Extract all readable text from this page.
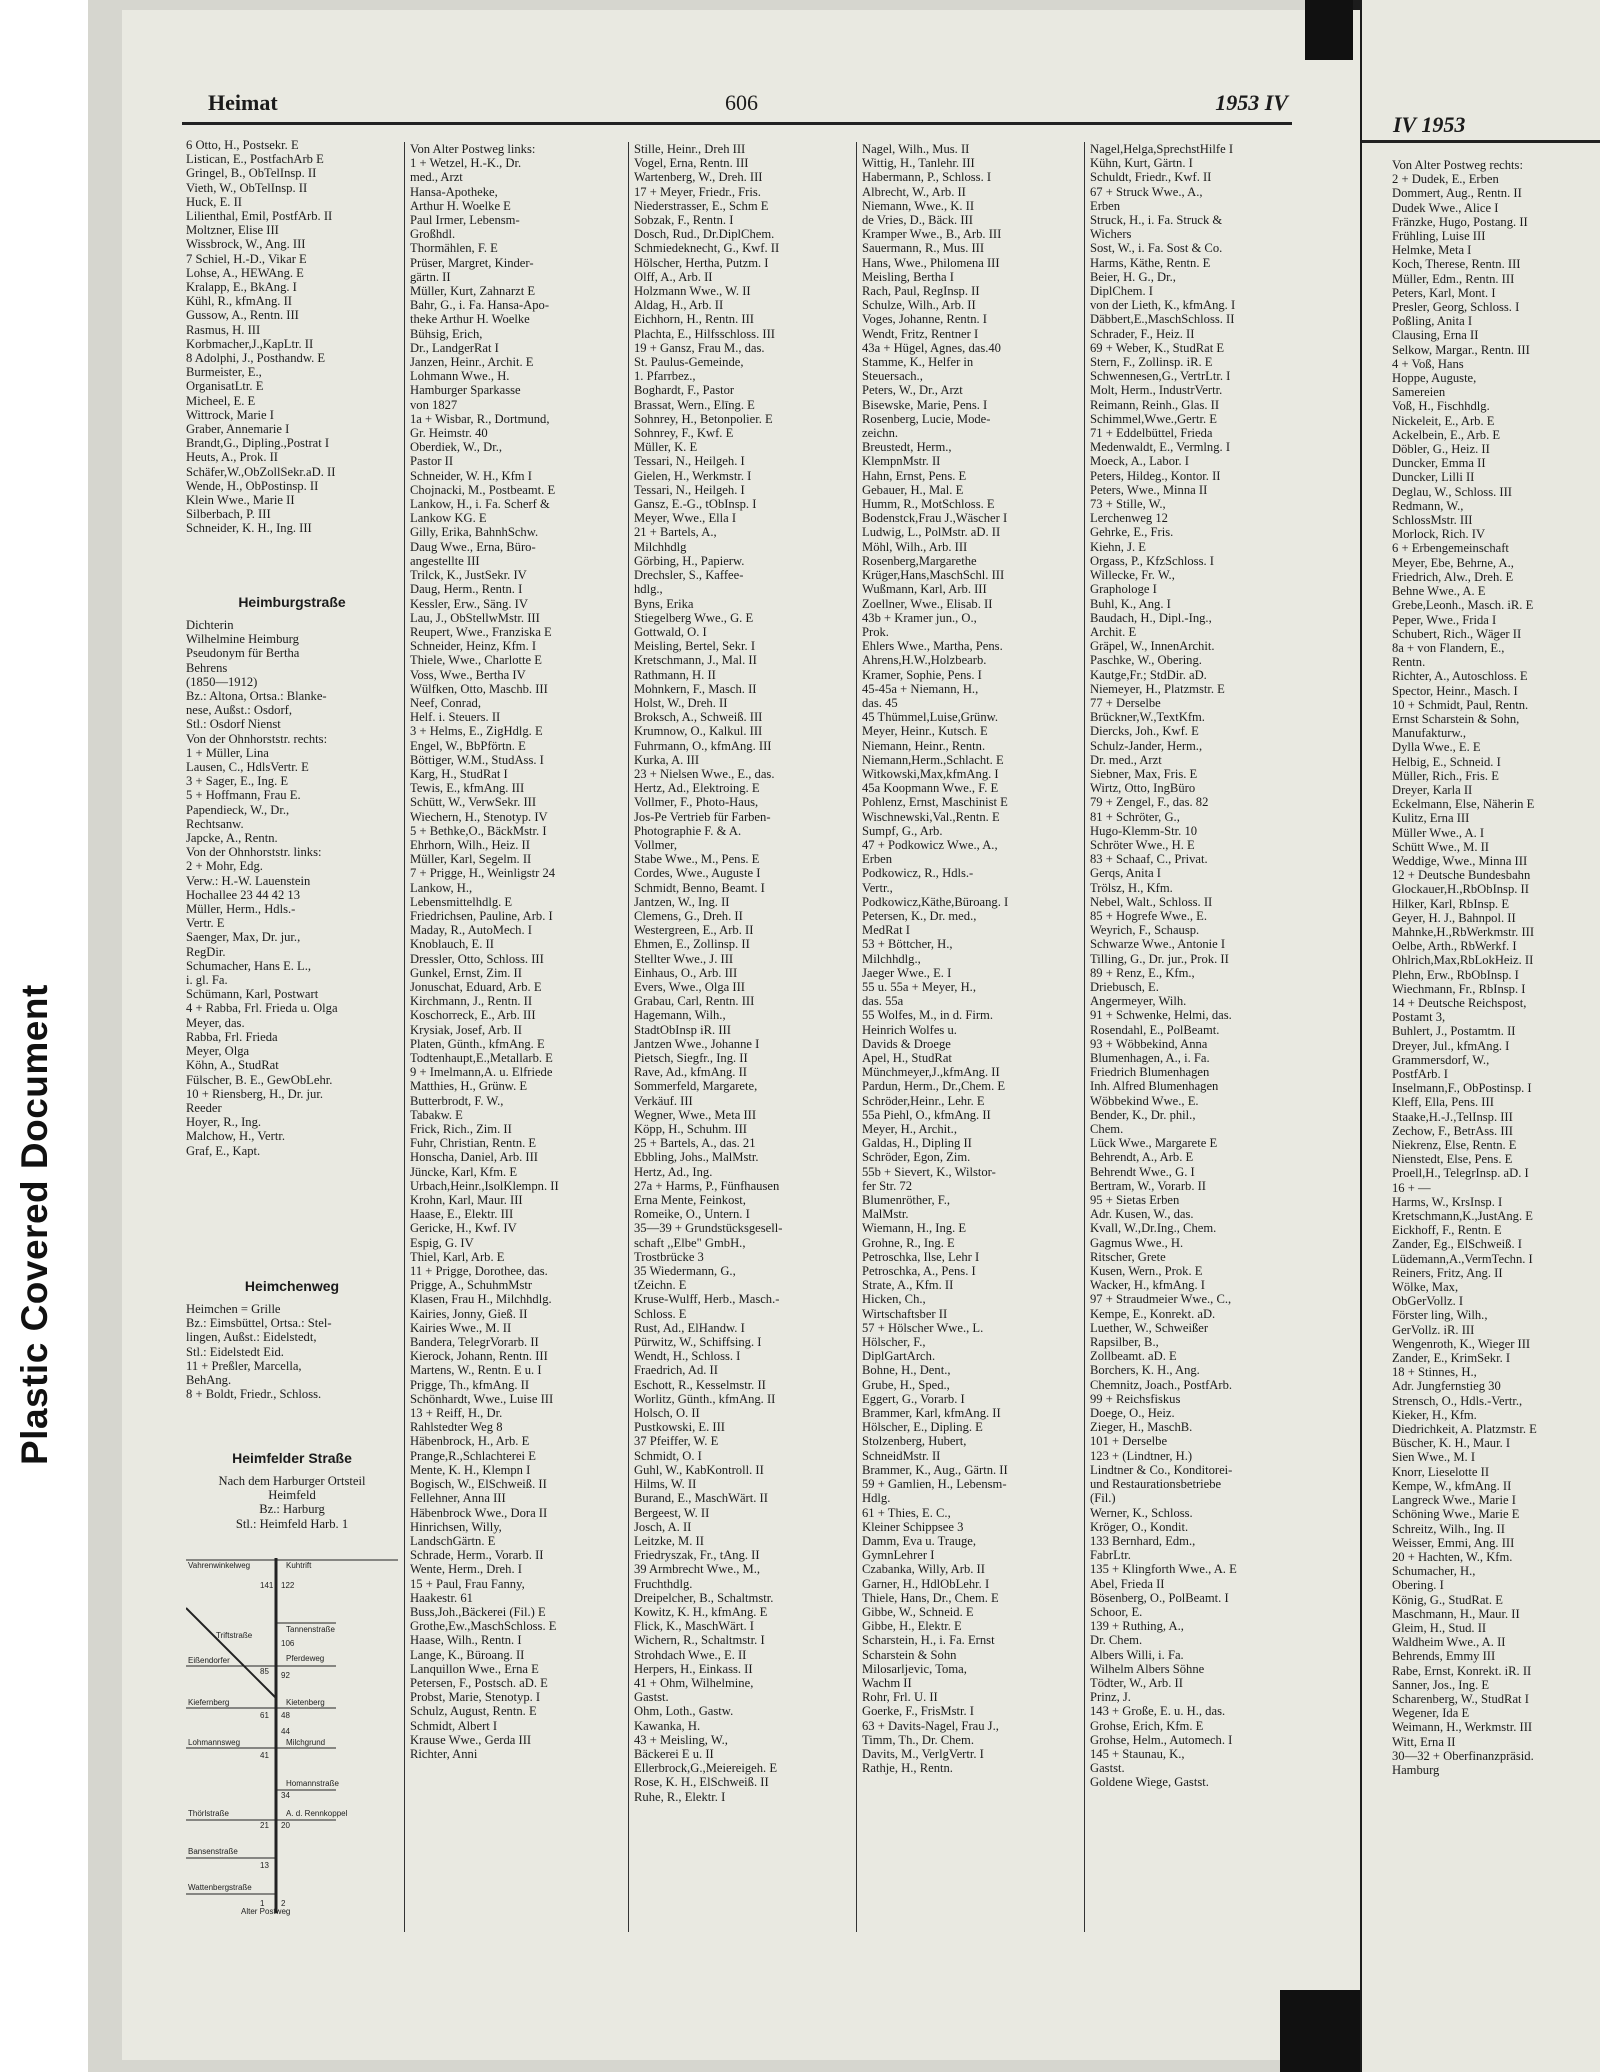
Plastic Covered Document
Heimat	606	1953 IV
IV 1953

6 Otto, H., Postsekr. E

Listican, E., PostfachArb E

Gringel, B., ObTelInsp. II

Vieth, W., ObTelInsp. II

Huck, E. II

Lilienthal, Emil, PostfArb. II

Moltzner, Elise III

Wissbrock, W., Ang. III

7 Schiel, H.-D., Vikar E

Lohse, A., HEWAng. E

Kralapp, E., BkAng. I

Kühl, R., kfmAng. II

Gussow, A., Rentn. III

Rasmus, H. III

Korbmacher,J.,KapLtr. II

8 Adolphi, J., Posthandw. E

Burmeister, E.,

OrganisatLtr. E

Micheel, E. E

Wittrock, Marie I

Graber, Annemarie I

Brandt,G., Dipling.,Postrat I

Heuts, A., Prok. II

Schäfer,W.,ObZollSekr.aD. II

Wende, H., ObPostinsp. II

Klein Wwe., Marie II

Silberbach, P. III

Schneider, K. H., Ing. III

Heimburgstraße

Dichterin

Wilhelmine Heimburg

Pseudonym für Bertha

Behrens

(1850—1912)

Bz.: Altona, Ortsa.: Blanke-

nese, Außst.: Osdorf,

Stl.: Osdorf Nienst

Von der Ohnhorststr. rechts:

1 + Müller, Lina

Lausen, C., HdlsVertr. E

3 + Sager, E., Ing. E

5 + Hoffmann, Frau E.

Papendieck, W., Dr.,

Rechtsanw.

Japcke, A., Rentn.

Von der Ohnhorststr. links:

2 + Mohr, Edg.

Verw.: H.-W. Lauenstein

Hochallee 23 44 42 13

Müller, Herm., Hdls.-

Vertr. E

Saenger, Max, Dr. jur.,

RegDir.

Schumacher, Hans E. L.,

i. gl. Fa.

Schümann, Karl, Postwart

4 + Rabba, Frl. Frieda u. Olga

Meyer, das.

Rabba, Frl. Frieda

Meyer, Olga

Köhn, A., StudRat

Fülscher, B. E., GewObLehr.

10 + Riensberg, H., Dr. jur.

Reeder

Hoyer, R., Ing.

Malchow, H., Vertr.

Graf, E., Kapt.

Heimchenweg

Heimchen = Grille

Bz.: Eimsbüttel, Ortsa.: Stel-

lingen, Außst.: Eidelstedt,

Stl.: Eidelstedt Eid.

11 + Preßler, Marcella,

BehAng.

8 + Boldt, Friedr., Schloss.

Heimfelder Straße

Nach dem Harburger Ortsteil

Heimfeld

Bz.: Harburg

Stl.: Heimfeld Harb. 1

Vahrenwinkelweg	Kuhtrift
Triftstraße
Tannenstraße
Eißendorfer	Pferdeweg
Kiefernberg	Kietenberg
Lohmannsweg	Milchgrund
Homannstraße
A. d. Rennkoppel
Thörlstraße
Bansenstraße
Wattenbergstraße
Alter Postweg
141 122
106
85 92
61 48
44
41
34
21 20
13
1 2

Von Alter Postweg links:

1 + Wetzel, H.-K., Dr.

med., Arzt

Hansa-Apotheke,

Arthur H. Woelke E

Paul Irmer, Lebensm-

Großhdl.

Thormählen, F. E

Prüser, Margret, Kinder-

gärtn. II

Müller, Kurt, Zahnarzt E

Bahr, G., i. Fa. Hansa-Apo-

theke Arthur H. Woelke

Bühsig, Erich,

Dr., LandgerRat I

Janzen, Heinr., Archit. E

Lohmann Wwe., H.

Hamburger Sparkasse

von 1827

1a + Wisbar, R., Dortmund,

Gr. Heimstr. 40

Oberdiek, W., Dr.,

Pastor II

Schneider, W. H., Kfm I

Chojnacki, M., Postbeamt. E

Lankow, H., i. Fa. Scherf &

Lankow KG. E

Gilly, Erika, BahnhSchw.

Daug Wwe., Erna, Büro-

angestellte III

Trilck, K., JustSekr. IV

Daug, Herm., Rentn. I

Kessler, Erw., Säng. IV

Lau, J., ObStellwMstr. III

Reupert, Wwe., Franziska E

Schneider, Heinz, Kfm. I

Thiele, Wwe., Charlotte E

Voss, Wwe., Bertha IV

Wülfken, Otto, Maschb. III

Neef, Conrad,

Helf. i. Steuers. II

3 + Helms, E., ZigHdlg. E

Engel, W., BbPförtn. E

Böttiger, W.M., StudAss. I

Karg, H., StudRat I

Tewis, E., kfmAng. III

Schütt, W., VerwSekr. III

Wiechern, H., Stenotyp. IV

5 + Bethke,O., BäckMstr. I

Ehrhorn, Wilh., Heiz. II

Müller, Karl, Segelm. II

7 + Prigge, H., Weinligstr 24

Lankow, H.,

Lebensmittelhdlg. E

Friedrichsen, Pauline, Arb. I

Maday, R., AutoMech. I

Knoblauch, E. II

Dressler, Otto, Schloss. III

Gunkel, Ernst, Zim. II

Jonuschat, Eduard, Arb. E

Kirchmann, J., Rentn. II

Koschorreck, E., Arb. III

Krysiak, Josef, Arb. II

Platen, Günth., kfmAng. E

Todtenhaupt,E.,Metallarb. E

9 + Imelmann,A. u. Elfriede

Matthies, H., Grünw. E

Butterbrodt, F. W.,

Tabakw. E

Frick, Rich., Zim. II

Fuhr, Christian, Rentn. E

Honscha, Daniel, Arb. III

Jüncke, Karl, Kfm. E

Urbach,Heinr.,IsolKlempn. II

Krohn, Karl, Maur. III

Haase, E., Elektr. III

Gericke, H., Kwf. IV

Espig, G. IV

Thiel, Karl, Arb. E

11 + Prigge, Dorothee, das.

Prigge, A., SchuhmMstr

Klasen, Frau H., Milchhdlg.

Kairies, Jonny, Gieß. II

Kairies Wwe., M. II

Bandera, TelegrVorarb. II

Kierock, Johann, Rentn. III

Martens, W., Rentn. E u. I

Prigge, Th., kfmAng. II

Schönhardt, Wwe., Luise III

13 + Reiff, H., Dr.

Rahlstedter Weg 8

Häbenbrock, H., Arb. E

Prange,R.,Schlachterei E

Mente, K. H., Klempn I

Bogisch, W., ElSchweiß. II

Fellehner, Anna III

Häbenbrock Wwe., Dora II

Hinrichsen, Willy,

LandschGärtn. E

Schrade, Herm., Vorarb. II

Wente, Herm., Dreh. I

15 + Paul, Frau Fanny,

Haakestr. 61

Buss,Joh.,Bäckerei (Fil.) E

Grothe,Ew.,MaschSchloss. E

Haase, Wilh., Rentn. I

Lange, K., Büroang. II

Lanquillon Wwe., Erna E

Petersen, F., Postsch. aD. E

Probst, Marie, Stenotyp. I

Schulz, August, Rentn. E

Schmidt, Albert I

Krause Wwe., Gerda III

Richter, Anni

Stille, Heinr., Dreh III

Vogel, Erna, Rentn. III

Wartenberg, W., Dreh. III

17 + Meyer, Friedr., Fris.

Niederstrasser, E., Schm E

Sobzak, F., Rentn. I

Dosch, Rud., Dr.DiplChem.

Schmiedeknecht, G., Kwf. II

Hölscher, Hertha, Putzm. I

Olff, A., Arb. II

Holzmann Wwe., W. II

Aldag, H., Arb. II

Eichhorn, H., Rentn. III

Plachta, E., Hilfsschloss. III

19 + Gansz, Frau M., das.

St. Paulus-Gemeinde,

1. Pfarrbez.,

Boghardt, F., Pastor

Brassat, Wern., Elīng. E

Sohnrey, H., Betonpolier. E

Sohnrey, F., Kwf. E

Müller, K. E

Tessari, N., Heilgeh. I

Gielen, H., Werkmstr. I

Tessari, N., Heilgeh. I

Gansz, E.-G., tObInsp. I

Meyer, Wwe., Ella I

21 + Bartels, A.,

Milchhdlg

Görbing, H., Papierw.

Drechsler, S., Kaffee-

hdlg.,

Byns, Erika

Stiegelberg Wwe., G. E

Gottwald, O. I

Meisling, Bertel, Sekr. I

Kretschmann, J., Mal. II

Rathmann, H. II

Mohnkern, F., Masch. II

Holst, W., Dreh. II

Broksch, A., Schweiß. III

Krumnow, O., Kalkul. III

Fuhrmann, O., kfmAng. III

Kurka, A. III

23 + Nielsen Wwe., E., das.

Hertz, Ad., Elektroing. E

Vollmer, F., Photo-Haus,

Jos-Pe Vertrieb für Farben-

Photographie F. & A.

Vollmer,

Stabe Wwe., M., Pens. E

Cordes, Wwe., Auguste I

Schmidt, Benno, Beamt. I

Jantzen, W., Ing. II

Clemens, G., Dreh. II

Westergreen, E., Arb. II

Ehmen, E., Zollinsp. II

Stellter Wwe., J. III

Einhaus, O., Arb. III

Evers, Wwe., Olga III

Grabau, Carl, Rentn. III

Hagemann, Wilh.,

StadtObInsp iR. III

Jantzen Wwe., Johanne I

Pietsch, Siegfr., Ing. II

Rave, Ad., kfmAng. II

Sommerfeld, Margarete,

Verkäuf. III

Wegner, Wwe., Meta III

Köpp, H., Schuhm. III

25 + Bartels, A., das. 21

Ebbling, Johs., MalMstr.

Hertz, Ad., Ing.

27a + Harms, P., Fünfhausen

Erna Mente, Feinkost,

Romeike, O., Untern. I

35—39 + Grundstücksgesell-

schaft ,,Elbe" GmbH.,

Trostbrücke 3

35 Wiedermann, G.,

tZeichn. E

Kruse-Wulff, Herb., Masch.-

Schloss. E

Rust, Ad., ElHandw. I

Pürwitz, W., Schiffsing. I

Wendt, H., Schloss. I

Fraedrich, Ad. II

Eschott, R., Kesselmstr. II

Worlitz, Günth., kfmAng. II

Holsch, O. II

Pustkowski, E. III

37 Pfeiffer, W. E

Schmidt, O. I

Guhl, W., KabKontroll. II

Hilms, W. II

Burand, E., MaschWärt. II

Bergeest, W. II

Josch, A. II

Leitzke, M. II

Friedryszak, Fr., tAng. II

39 Armbrecht Wwe., M.,

Fruchthdlg.

Dreipelcher, B., Schaltmstr.

Kowitz, K. H., kfmAng. E

Flick, K., MaschWärt. I

Wichern, R., Schaltmstr. I

Strohdach Wwe., E. II

Herpers, H., Einkass. II

41 + Ohm, Wilhelmine,

Gastst.

Ohm, Loth., Gastw.

Kawanka, H.

43 + Meisling, W.,

Bäckerei E u. II

Ellerbrock,G.,Meiereigeh. E

Rose, K. H., ElSchweiß. II

Ruhe, R., Elektr. I

Nagel, Wilh., Mus. II

Wittig, H., Tanlehr. III

Habermann, P., Schloss. I

Albrecht, W., Arb. II

Niemann, Wwe., K. II

de Vries, D., Bäck. III

Kramper Wwe., B., Arb. III

Sauermann, R., Mus. III

Hans, Wwe., Philomena III

Meisling, Bertha I

Rach, Paul, RegInsp. II

Schulze, Wilh., Arb. II

Voges, Johanne, Rentn. I

Wendt, Fritz, Rentner I

43a + Hügel, Agnes, das.40

Stamme, K., Helfer in

Steuersach.,

Peters, W., Dr., Arzt

Bisewske, Marie, Pens. I

Rosenberg, Lucie, Mode-

zeichn.

Breustedt, Herm.,

KlempnMstr. II

Hahn, Ernst, Pens. E

Gebauer, H., Mal. E

Humm, R., MotSchloss. E

Bodenstck,Frau J.,Wäscher I

Ludwig, L., PolMstr. aD. II

Möhl, Wilh., Arb. III

Rosenberg,Margarethe

Krüger,Hans,MaschSchl. III

Wußmann, Karl, Arb. III

Zoellner, Wwe., Elisab. II

43b + Kramer jun., O.,

Prok.

Ehlers Wwe., Martha, Pens.

Ahrens,H.W.,Holzbearb.

Kramer, Sophie, Pens. I

45-45a + Niemann, H.,

das. 45

45 Thümmel,Luise,Grünw.

Meyer, Heinr., Kutsch. E

Niemann, Heinr., Rentn.

Niemann,Herm.,Schlacht. E

Witkowski,Max,kfmAng. I

45a Koopmann Wwe., F. E

Pohlenz, Ernst, Maschinist E

Wischnewski,Val.,Rentn. E

Sumpf, G., Arb.

47 + Podkowicz Wwe., A.,

Erben

Podkowicz, R., Hdls.-

Vertr.,

Podkowicz,Käthe,Büroang. I

Petersen, K., Dr. med.,

MedRat I

53 + Böttcher, H.,

Milchhdlg.,

Jaeger Wwe., E. I

55 u. 55a + Meyer, H.,

das. 55a

55 Wolfes, M., in d. Firm.

Heinrich Wolfes u.

Davids & Droege

Apel, H., StudRat

Münchmeyer,J.,kfmAng. II

Pardun, Herm., Dr.,Chem. E

Schröder,Heinr., Lehr. E

55a Piehl, O., kfmAng. II

Meyer, H., Archit.,

Galdas, H., Dipling II

Schröder, Egon, Zim.

55b + Sievert, K., Wilstor-

fer Str. 72

Blumenröther, F.,

MalMstr.

Wiemann, H., Ing. E

Grohne, R., Ing. E

Petroschka, Ilse, Lehr I

Petroschka, A., Pens. I

Strate, A., Kfm. II

Hicken, Ch.,

Wirtschaftsber II

57 + Hölscher Wwe., L.

Hölscher, F.,

DiplGartArch.

Bohne, H., Dent.,

Grube, H., Sped.,

Eggert, G., Vorarb. I

Brammer, Karl, kfmAng. II

Hölscher, E., Dipling. E

Stolzenberg, Hubert,

SchneidMstr. II

Brammer, K., Aug., Gärtn. II

59 + Gamlien, H., Lebensm-

Hdlg.

61 + Thies, E. C.,

Kleiner Schippsee 3

Damm, Eva u. Trauge,

GymnLehrer I

Czabanka, Willy, Arb. II

Garner, H., HdlObLehr. I

Thiele, Hans, Dr., Chem. E

Gibbe, W., Schneid. E

Gibbe, H., Elektr. E

Scharstein, H., i. Fa. Ernst

Scharstein & Sohn

Milosarljevic, Toma,

Wachm II

Rohr, Frl. U. II

Goerke, F., FrisMstr. I

63 + Davits-Nagel, Frau J.,

Timm, Th., Dr. Chem.

Davits, M., VerlgVertr. I

Rathje, H., Rentn.

Nagel,Helga,SprechstHilfe I

Kühn, Kurt, Gärtn. I

Schuldt, Friedr., Kwf. II

67 + Struck Wwe., A.,

Erben

Struck, H., i. Fa. Struck &

Wichers

Sost, W., i. Fa. Sost & Co.

Harms, Käthe, Rentn. E

Beier, H. G., Dr.,

DiplChem. I

von der Lieth, K., kfmAng. I

Däbbert,E.,MaschSchloss. II

Schrader, F., Heiz. II

69 + Weber, K., StudRat E

Stern, F., Zollinsp. iR. E

Schwennesen,G., VertrLtr. I

Molt, Herm., IndustrVertr.

Reimann, Reinh., Glas. II

Schimmel,Wwe.,Gertr. E

71 + Eddelbüttel, Frieda

Medenwaldt, E., Vermlng. I

Moeck, A., Labor. I

Peters, Hildeg., Kontor. II

Peters, Wwe., Minna II

73 + Stille, W.,

Lerchenweg 12

Gehrke, E., Fris.

Kiehn, J. E

Orgass, P., KfzSchloss. I

Willecke, Fr. W.,

Graphologe I

Buhl, K., Ang. I

Baudach, H., Dipl.-Ing.,

Archit. E

Gräpel, W., InnenArchit.

Paschke, W., Obering.

Kautge,Fr.; StdDir. aD.

Niemeyer, H., Platzmstr. E

77 + Derselbe

Brückner,W.,TextKfm.

Diercks, Joh., Kwf. E

Schulz-Jander, Herm.,

Dr. med., Arzt

Siebner, Max, Fris. E

Wirtz, Otto, IngBüro

79 + Zengel, F., das. 82

81 + Schröter, G.,

Hugo-Klemm-Str. 10

Schröter Wwe., H. E

83 + Schaaf, C., Privat.

Gerqs, Anita I

Trölsz, H., Kfm.

Nebel, Walt., Schloss. II

85 + Hogrefe Wwe., E.

Weyrich, F., Schausp.

Schwarze Wwe., Antonie I

Tilling, G., Dr. jur., Prok. II

89 + Renz, E., Kfm.,

Driebusch, E.

Angermeyer, Wilh.

91 + Schwenke, Helmi, das.

Rosendahl, E., PolBeamt.

93 + Wöbbekind, Anna

Blumenhagen, A., i. Fa.

Friedrich Blumenhagen

Inh. Alfred Blumenhagen

Wöbbekind Wwe., E.

Bender, K., Dr. phil.,

Chem.

Lück Wwe., Margarete E

Behrendt, A., Arb. E

Behrendt Wwe., G. I

Bertram, W., Vorarb. II

95 + Sietas Erben

Adr. Kusen, W., das.

Kvall, W.,Dr.Ing., Chem.

Gagmus Wwe., H.

Ritscher, Grete

Kusen, Wern., Prok. E

Wacker, H., kfmAng. I

97 + Straudmeier Wwe., C.,

Kempe, E., Konrekt. aD.

Luether, W., Schweißer

Rapsilber, B.,

Zollbeamt. aD. E

Borchers, K. H., Ang.

Chemnitz, Joach., PostfArb.

99 + Reichsfiskus

Doege, O., Heiz.

Zieger, H., MaschB.

101 + Derselbe

123 + (Lindtner, H.)

Lindtner & Co., Konditorei-

und Restaurationsbetriebe

(Fil.)

Werner, K., Schloss.

Kröger, O., Kondit.

133 Bernhard, Edm.,

FabrLtr.

135 + Klingforth Wwe., A. E

Abel, Frieda II

Bösenberg, O., PolBeamt. I

Schoor, E.

139 + Ruthing, A.,

Dr. Chem.

Albers Willi, i. Fa.

Wilhelm Albers Söhne

Tödter, W., Arb. II

Prinz, J.

143 + Große, E. u. H., das.

Grohse, Erich, Kfm. E

Grohse, Helm., Automech. I

145 + Staunau, K.,

Gastst.

Goldene Wiege, Gastst.

Von Alter Postweg rechts:

2 + Dudek, E., Erben

Dommert, Aug., Rentn. II

Dudek Wwe., Alice I

Fränzke, Hugo, Postang. II

Frühling, Luise III

Helmke, Meta I

Koch, Therese, Rentn. III

Müller, Edm., Rentn. III

Peters, Karl, Mont. I

Presler, Georg, Schloss. I

Poßling, Anita I

Clausing, Erna II

Selkow, Margar., Rentn. III

4 + Voß, Hans

Hoppe, Auguste,

Samereien

Voß, H., Fischhdlg.

Nickeleit, E., Arb. E

Ackelbein, E., Arb. E

Döbler, G., Heiz. II

Duncker, Emma II

Duncker, Lilli II

Deglau, W., Schloss. III

Redmann, W.,

SchlossMstr. III

Morlock, Rich. IV

6 + Erbengemeinschaft

Meyer, Ebe, Behrne, A.,

Friedrich, Alw., Dreh. E

Behne Wwe., A. E

Grebe,Leonh., Masch. iR. E

Peper, Wwe., Frida I

Schubert, Rich., Wäger II

8a + von Flandern, E.,

Rentn.

Richter, A., Autoschloss. E

Spector, Heinr., Masch. I

10 + Schmidt, Paul, Rentn.

Ernst Scharstein & Sohn,

Manufakturw.,

Dylla Wwe., E. E

Helbig, E., Schneid. I

Müller, Rich., Fris. E

Dreyer, Karla II

Eckelmann, Else, Näherin E

Kulitz, Erna III

Müller Wwe., A. I

Schütt Wwe., M. II

Weddige, Wwe., Minna III

12 + Deutsche Bundesbahn

Glockauer,H.,RbObInsp. II

Hilker, Karl, RbInsp. E

Geyer, H. J., Bahnpol. II

Mahnke,H.,RbWerkmstr. III

Oelbe, Arth., RbWerkf. I

Ohlrich,Max,RbLokHeiz. II

Plehn, Erw., RbObInsp. I

Wiechmann, Fr., RbInsp. I

14 + Deutsche Reichspost,

Postamt 3,

Buhlert, J., Postamtm. II

Dreyer, Jul., kfmAng. I

Grammersdorf, W.,

PostfArb. I

Inselmann,F., ObPostinsp. I

Kleff, Ella, Pens. III

Staake,H.-J.,TelInsp. III

Zechow, F., BetrAss. III

Niekrenz, Else, Rentn. E

Nienstedt, Else, Pens. E

Proell,H., TelegrInsp. aD. I

16 + —

Harms, W., KrsInsp. I

Kretschmann,K.,JustAng. E

Eickhoff, F., Rentn. E

Zander, Eg., ElSchweiß. I

Lüdemann,A.,VermTechn. I

Reiners, Fritz, Ang. II

Wölke, Max,

ObGerVollz. I

Förster ling, Wilh.,

GerVollz. iR. III

Wengenroth, K., Wieger III

Zander, E., KrimSekr. I

18 + Stinnes, H.,

Adr. Jungfernstieg 30

Strensch, O., Hdls.-Vertr.,

Kieker, H., Kfm.

Diedrichkeit, A. Platzmstr. E

Büscher, K. H., Maur. I

Sien Wwe., M. I

Knorr, Lieselotte II

Kempe, W., kfmAng. II

Langreck Wwe., Marie I

Schöning Wwe., Marie E

Schreitz, Wilh., Ing. II

Weisser, Emmi, Ang. III

20 + Hachten, W., Kfm.

Schumacher, H.,

Obering. I

König, G., StudRat. E

Maschmann, H., Maur. II

Gleim, H., Stud. II

Waldheim Wwe., A. II

Behrends, Emmy III

Rabe, Ernst, Konrekt. iR. II

Sanner, Jos., Ing. E

Scharenberg, W., StudRat I

Wegener, Ida E

Weimann, H., Werkmstr. III

Witt, Erna II

30—32 + Oberfinanzpräsid.

Hamburg
